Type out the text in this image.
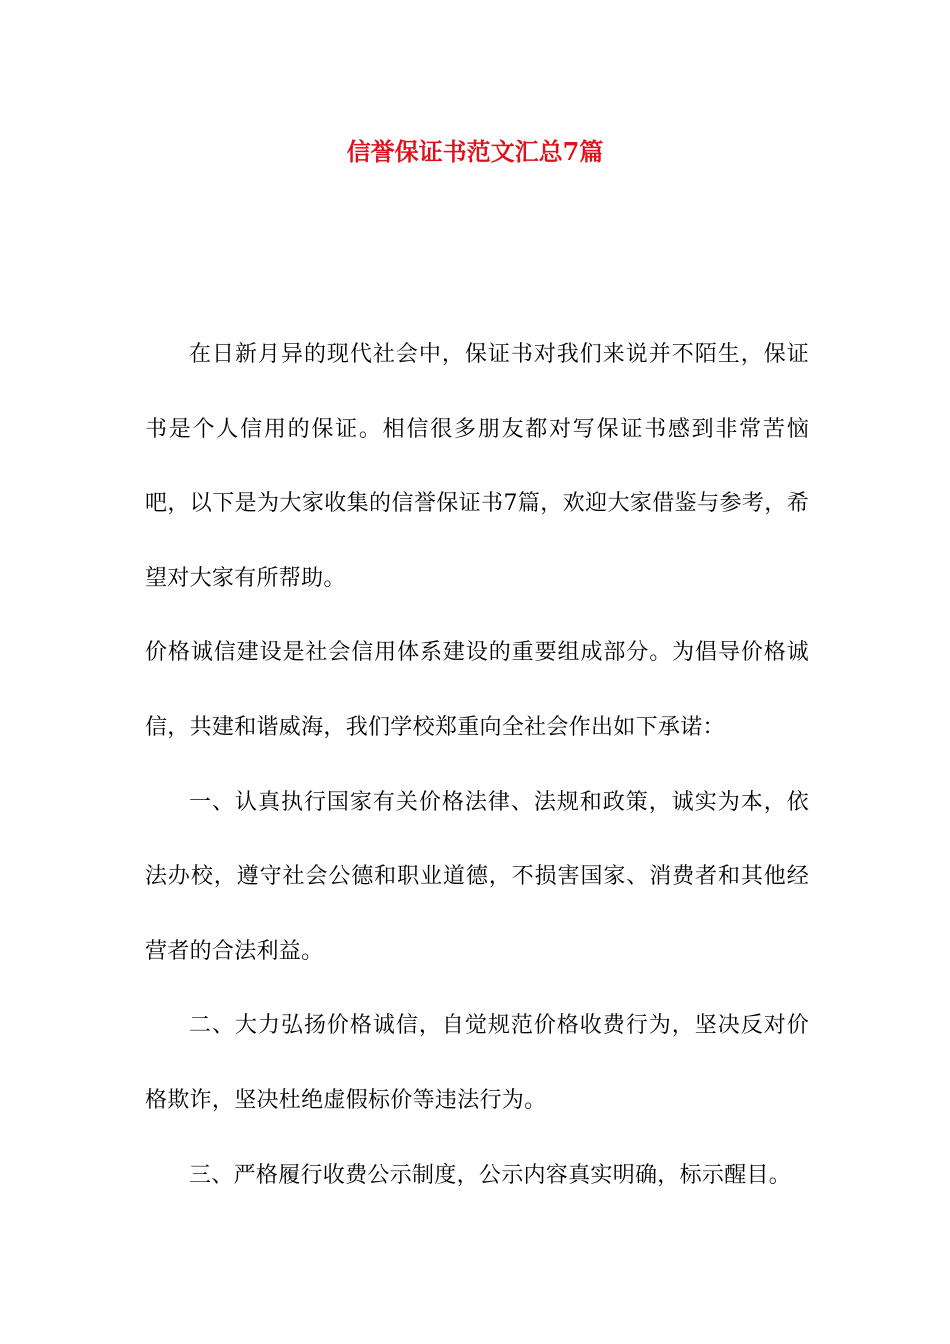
信誉保证书范文汇总7篇

在日新月异的现代社会中，保证书对我们来说并不陌生，保证书是个人信用的保证。相信很多朋友都对写保证书感到非常苦恼吧，以下是为大家收集的信誉保证书7篇，欢迎大家借鉴与参考，希望对大家有所帮助。

价格诚信建设是社会信用体系建设的重要组成部分。为倡导价格诚信，共建和谐威海，我们学校郑重向全社会作出如下承诺：

一、认真执行国家有关价格法律、法规和政策，诚实为本，依法办校，遵守社会公德和职业道德，不损害国家、消费者和其他经营者的合法利益。

二、大力弘扬价格诚信，自觉规范价格收费行为，坚决反对价格欺诈，坚决杜绝虚假标价等违法行为。

三、严格履行收费公示制度，公示内容真实明确，标示醒目。
